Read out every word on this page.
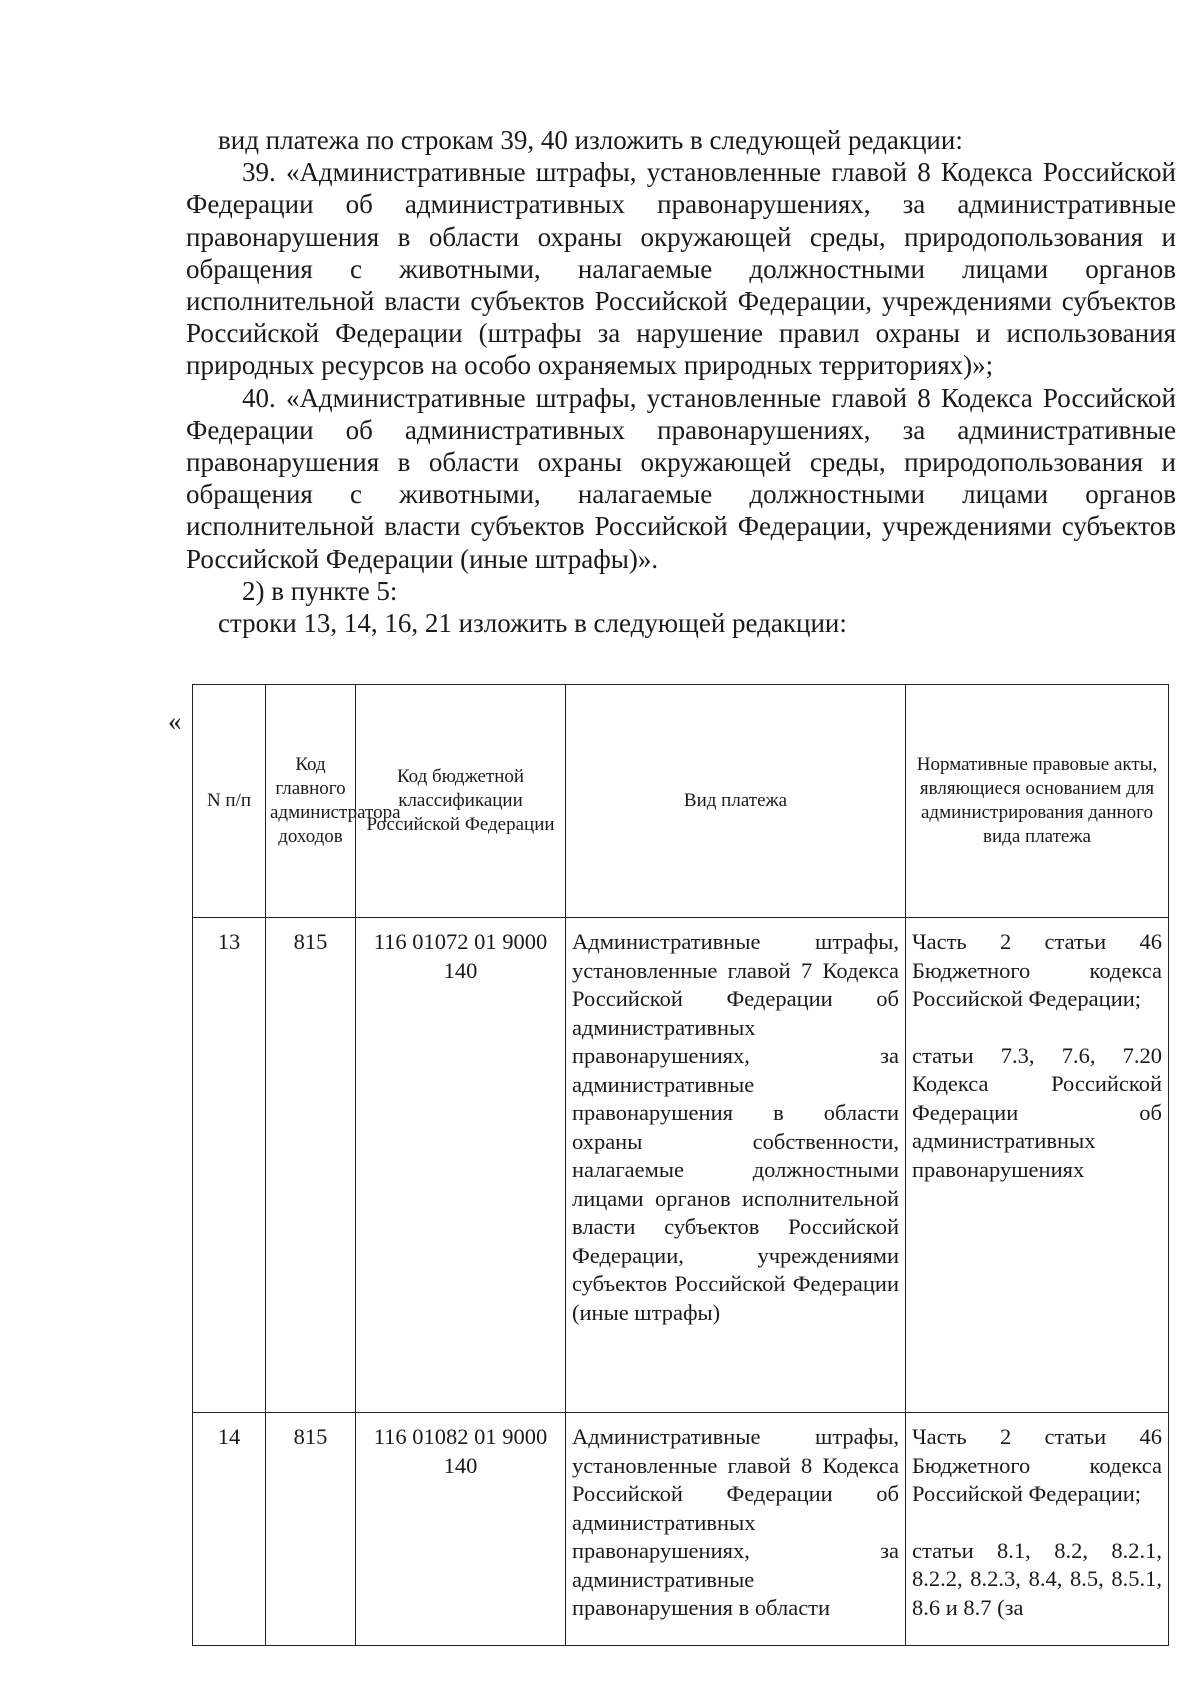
вид платежа по строкам 39, 40 изложить в следующей редакции:

39. «Административные штрафы, установленные главой 8 Кодекса Российской Федерации об административных правонарушениях, за административные правонарушения в области охраны окружающей среды, природопользования и обращения с животными, налагаемые должностными лицами органов исполнительной власти субъектов Российской Федерации, учреждениями субъектов Российской Федерации (штрафы за нарушение правил охраны и использования природных ресурсов на особо охраняемых природных территориях)»;

40. «Административные штрафы, установленные главой 8 Кодекса Российской Федерации об административных правонарушениях, за административные правонарушения в области охраны окружающей среды, природопользования и обращения с животными, налагаемые должностными лицами органов исполнительной власти субъектов Российской Федерации, учреждениями субъектов Российской Федерации (иные штрафы)».

2) в пункте 5:

строки 13, 14, 16, 21 изложить в следующей редакции:

«
N п/п	Код главного администратора доходов	Код бюджетной классификации Российской Федерации	Вид платежа	Нормативные правовые акты, являющиеся основанием для администрирования данного вида платежа
13	815	116 01072 01 9000 140	Административные штрафы, установленные главой 7 Кодекса Российской Федерации об административных правонарушениях, за административные правонарушения в области охраны собственности, налагаемые должностными лицами органов исполнительной власти субъектов Российской Федерации, учреждениями субъектов Российской Федерации (иные штрафы)	Часть 2 статьи 46 Бюджетного кодекса Российской Федерации;
статьи 7.3, 7.6, 7.20 Кодекса Российской Федерации об административных правонарушениях

14	815	116 01082 01 9000 140	Административные штрафы, установленные главой 8 Кодекса Российской Федерации об административных правонарушениях, за административные правонарушения в области	Часть 2 статьи 46 Бюджетного кодекса Российской Федерации;
статьи 8.1, 8.2, 8.2.1, 8.2.2, 8.2.3, 8.4, 8.5, 8.5.1, 8.6 и 8.7 (за
